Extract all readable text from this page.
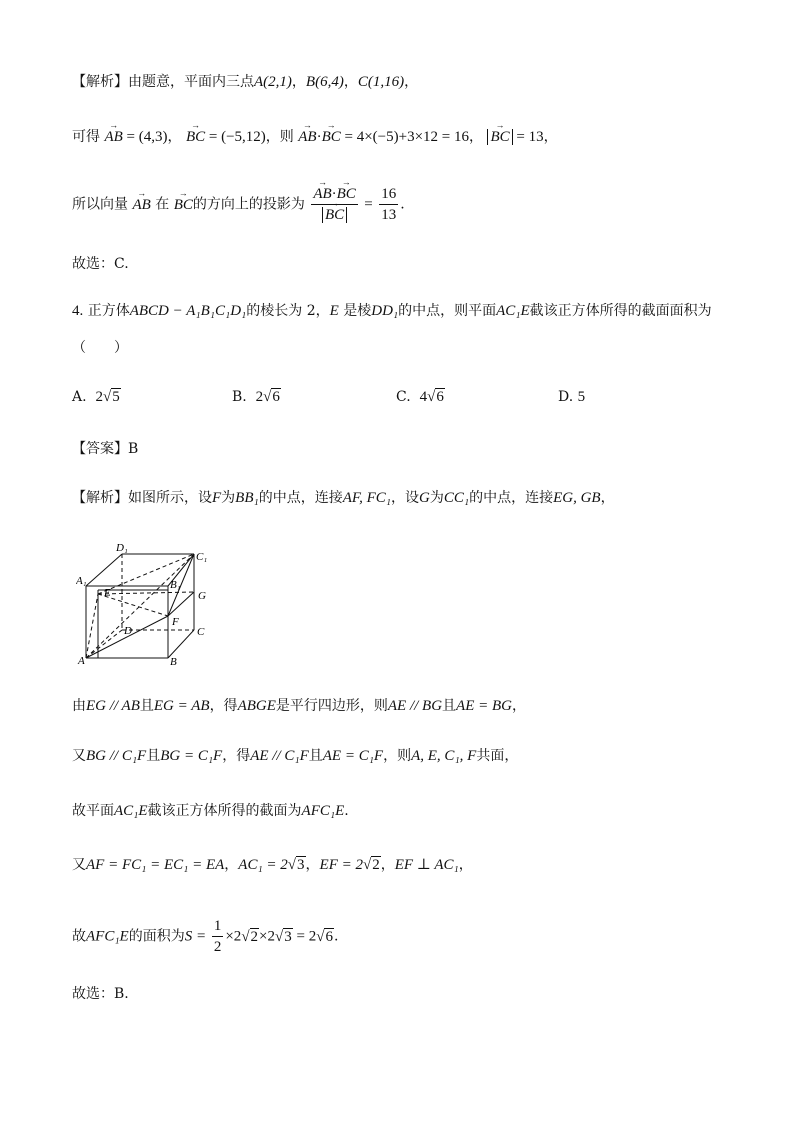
【解析】由题意，平面内三点A(2,1)，B(6,4)，C(1,16)，
可得 → AB = (4,3)， → BC = (−5,12)，则 → AB·→ BC = 4×(−5)+3×12 = 16， → BC = 13，
所以向量 → AB 在 → BC的方向上的投影为 → AB·→ BC
→ BC = $\frac{16}{13}$ .
故选：C.
4. 正方体ABCD − A₁B₁C₁D₁的棱长为 2，E 是棱DD₁的中点，则平面AC₁E截该正方体所得的截面面积为
（　　）
A. 2√5	B. 2√6	C. 4√6	D. 5
【答案】B
【解析】如图所示，设F为BB₁的中点，连接AF, FC₁，设G为CC₁的中点，连接EG, GB，
D₁
C₁
A₁	B₁
E	G
F
D	C
A	B
由EG // AB且EG = AB，得ABGE是平行四边形，则AE // BG且AE = BG，
又BG // C₁F且BG = C₁F，得AE // C₁F且AE = C₁F，则A, E, C₁, F共面，
故平面AC₁E截该正方体所得的截面为AFC₁E.
又AF = FC₁ = EC₁ = EA，AC₁ = 2√3，EF = 2√2，EF ⊥ AC₁，
故AFC₁E的面积为$S = \frac{1}{2} \times 2√2\times 2√3 = 2√6$.
故选：B.
